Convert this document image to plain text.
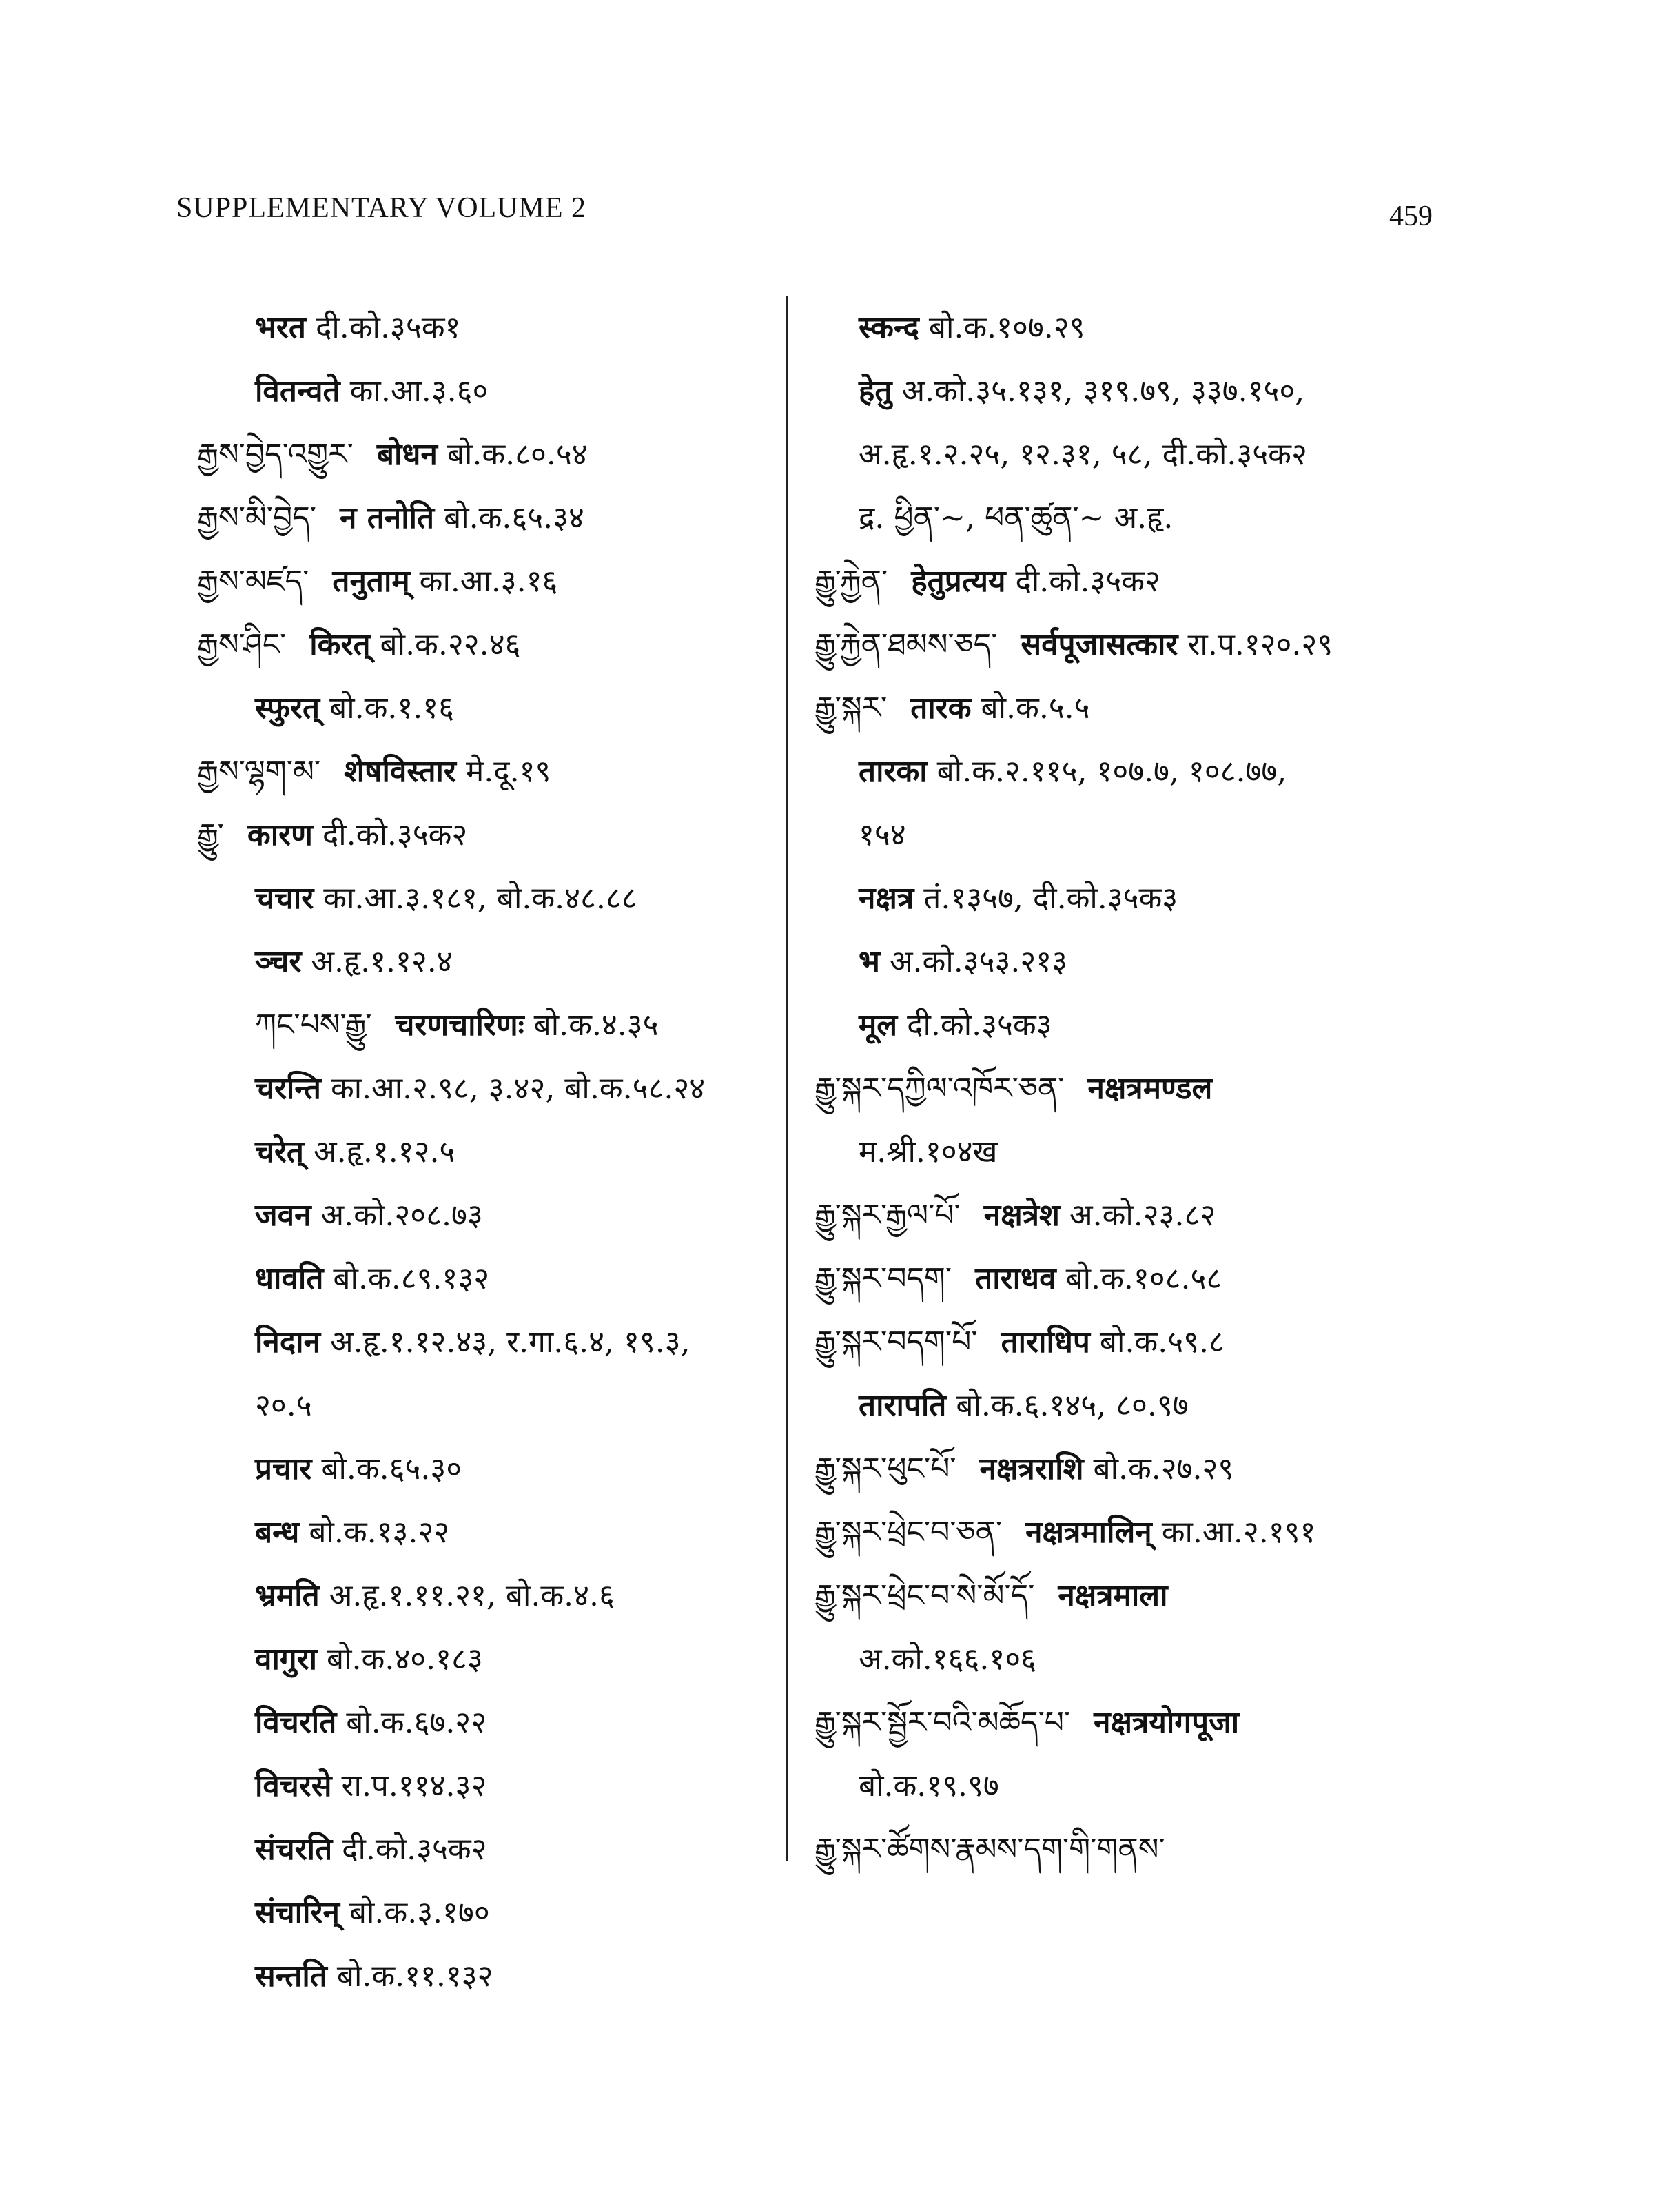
SUPPLEMENTARY VOLUME 2	459
भरत दी.को.३५क१
वितन्वते का.आ.३.६०
རྒྱས་བྱེད་འགྱུར་ बोधन बो.क.८०.५४
རྒྱས་མི་བྱེད་ न तनोति बो.क.६५.३४
རྒྱས་མཛད་ तनुताम् का.आ.३.१६
རྒྱས་ཤིང་ किरत् बो.क.२२.४६
स्फुरत् बो.क.१.१६
རྒྱས་ལྷག་མ་ शेषविस्तार मे.दू.१९
རྒྱུ་ कारण दी.को.३५क२
चचार का.आ.३.१८१, बो.क.४८.८८
ञ्चर अ.हृ.१.१२.४
ཀང་པས་རྒྱུ་ चरणचारिणः बो.क.४.३५
चरन्ति का.आ.२.९८, ३.४२, बो.क.५८.२४
चरेत् अ.हृ.१.१२.५
जवन अ.को.२०८.७३
धावति बो.क.८९.१३२
निदान अ.हृ.१.१२.४३, र.गा.६.४, १९.३,
२०.५
प्रचार बो.क.६५.३०
बन्ध बो.क.१३.२२
भ्रमति अ.हृ.१.११.२१, बो.क.४.६
वागुरा बो.क.४०.१८३
विचरति बो.क.६७.२२
विचरसे रा.प.११४.३२
संचरति दी.को.३५क२
संचारिन् बो.क.३.१७०
सन्तति बो.क.११.१३२
स्कन्द बो.क.१०७.२९
हेतु अ.को.३५.१३१, ३१९.७९, ३३७.१५०,
अ.हृ.१.२.२५, १२.३१, ५८, दी.को.३५क२
द्र. ཕྱིན་~, ཕན་ཚུན་~ अ.हृ.
རྒྱུ་རྐྱེན་ हेतुप्रत्यय दी.को.३५क२
རྒྱུ་རྐྱེན་ཐམས་ཅད་ सर्वपूजासत्कार रा.प.१२०.२९
རྒྱུ་སྐར་ तारक बो.क.५.५
तारका बो.क.२.११५, १०७.७, १०८.७७,
१५४
नक्षत्र तं.१३५७, दी.को.३५क३
भ अ.को.३५३.२१३
मूल दी.को.३५क३
རྒྱུ་སྐར་དཀྱིལ་འཁོར་ཅན་ नक्षत्रमण्डल
म.श्री.१०४ख
རྒྱུ་སྐར་རྒྱལ་པོ་ नक्षत्रेश अ.को.२३.८२
རྒྱུ་སྐར་བདག་ ताराधव बो.क.१०८.५८
རྒྱུ་སྐར་བདག་པོ་ ताराधिप बो.क.५९.८
तारापति बो.क.६.१४५, ८०.९७
རྒྱུ་སྐར་ཕུང་པོ་ नक्षत्रराशि बो.क.२७.२९
རྒྱུ་སྐར་ཕྲེང་བ་ཅན་ नक्षत्रमालिन् का.आ.२.१९१
རྒྱུ་སྐར་ཕྲེང་བ་སེ་མོ་དོ་ नक्षत्रमाला
अ.को.१६६.१०६
རྒྱུ་སྐར་སྦྱོར་བའི་མཆོད་པ་ नक्षत्रयोगपूजा
बो.क.१९.९७
རྒྱུ་སྐར་ཚོགས་རྣམས་དག་གི་གནས་
